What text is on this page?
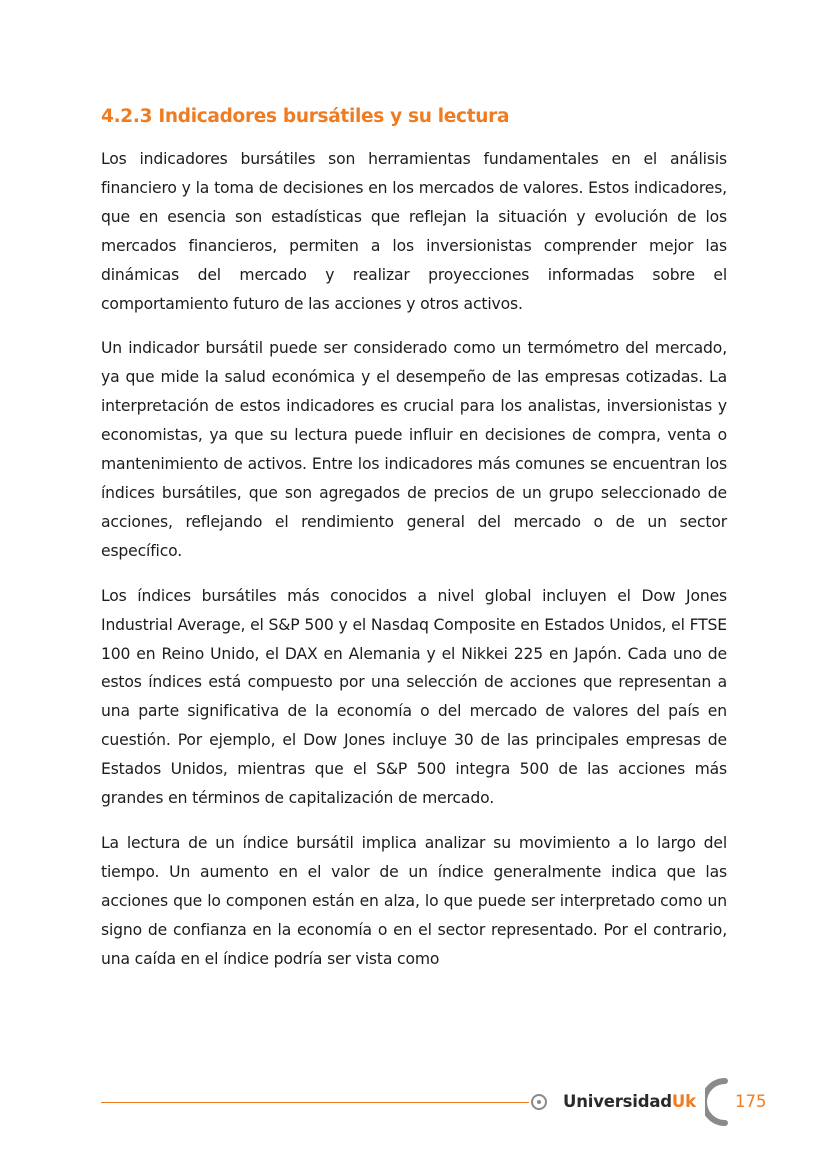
4.2.3 Indicadores bursátiles y su lectura

Los indicadores bursátiles son herramientas fundamentales en el análisis financiero y la toma de decisiones en los mercados de valores. Estos indicadores, que en esencia son estadísticas que reflejan la situación y evolución de los mercados financieros, permiten a los inversionistas comprender mejor las dinámicas del mercado y realizar proyecciones informadas sobre el comportamiento futuro de las acciones y otros activos.

Un indicador bursátil puede ser considerado como un termómetro del mercado, ya que mide la salud económica y el desempeño de las empresas cotizadas. La interpretación de estos indicadores es crucial para los analistas, inversionistas y economistas, ya que su lectura puede influir en decisiones de compra, venta o mantenimiento de activos. Entre los indicadores más comunes se encuentran los índices bursátiles, que son agregados de precios de un grupo seleccionado de acciones, reflejando el rendimiento general del mercado o de un sector específico.

Los índices bursátiles más conocidos a nivel global incluyen el Dow Jones Industrial Average, el S&P 500 y el Nasdaq Composite en Estados Unidos, el FTSE 100 en Reino Unido, el DAX en Alemania y el Nikkei 225 en Japón. Cada uno de estos índices está compuesto por una selección de acciones que representan a una parte significativa de la economía o del mercado de valores del país en cuestión. Por ejemplo, el Dow Jones incluye 30 de las principales empresas de Estados Unidos, mientras que el S&P 500 integra 500 de las acciones más grandes en términos de capitalización de mercado.

La lectura de un índice bursátil implica analizar su movimiento a lo largo del tiempo. Un aumento en el valor de un índice generalmente indica que las acciones que lo componen están en alza, lo que puede ser interpretado como un signo de confianza en la economía o en el sector representado. Por el contrario, una caída en el índice podría ser vista como

UniversidadUk 175
